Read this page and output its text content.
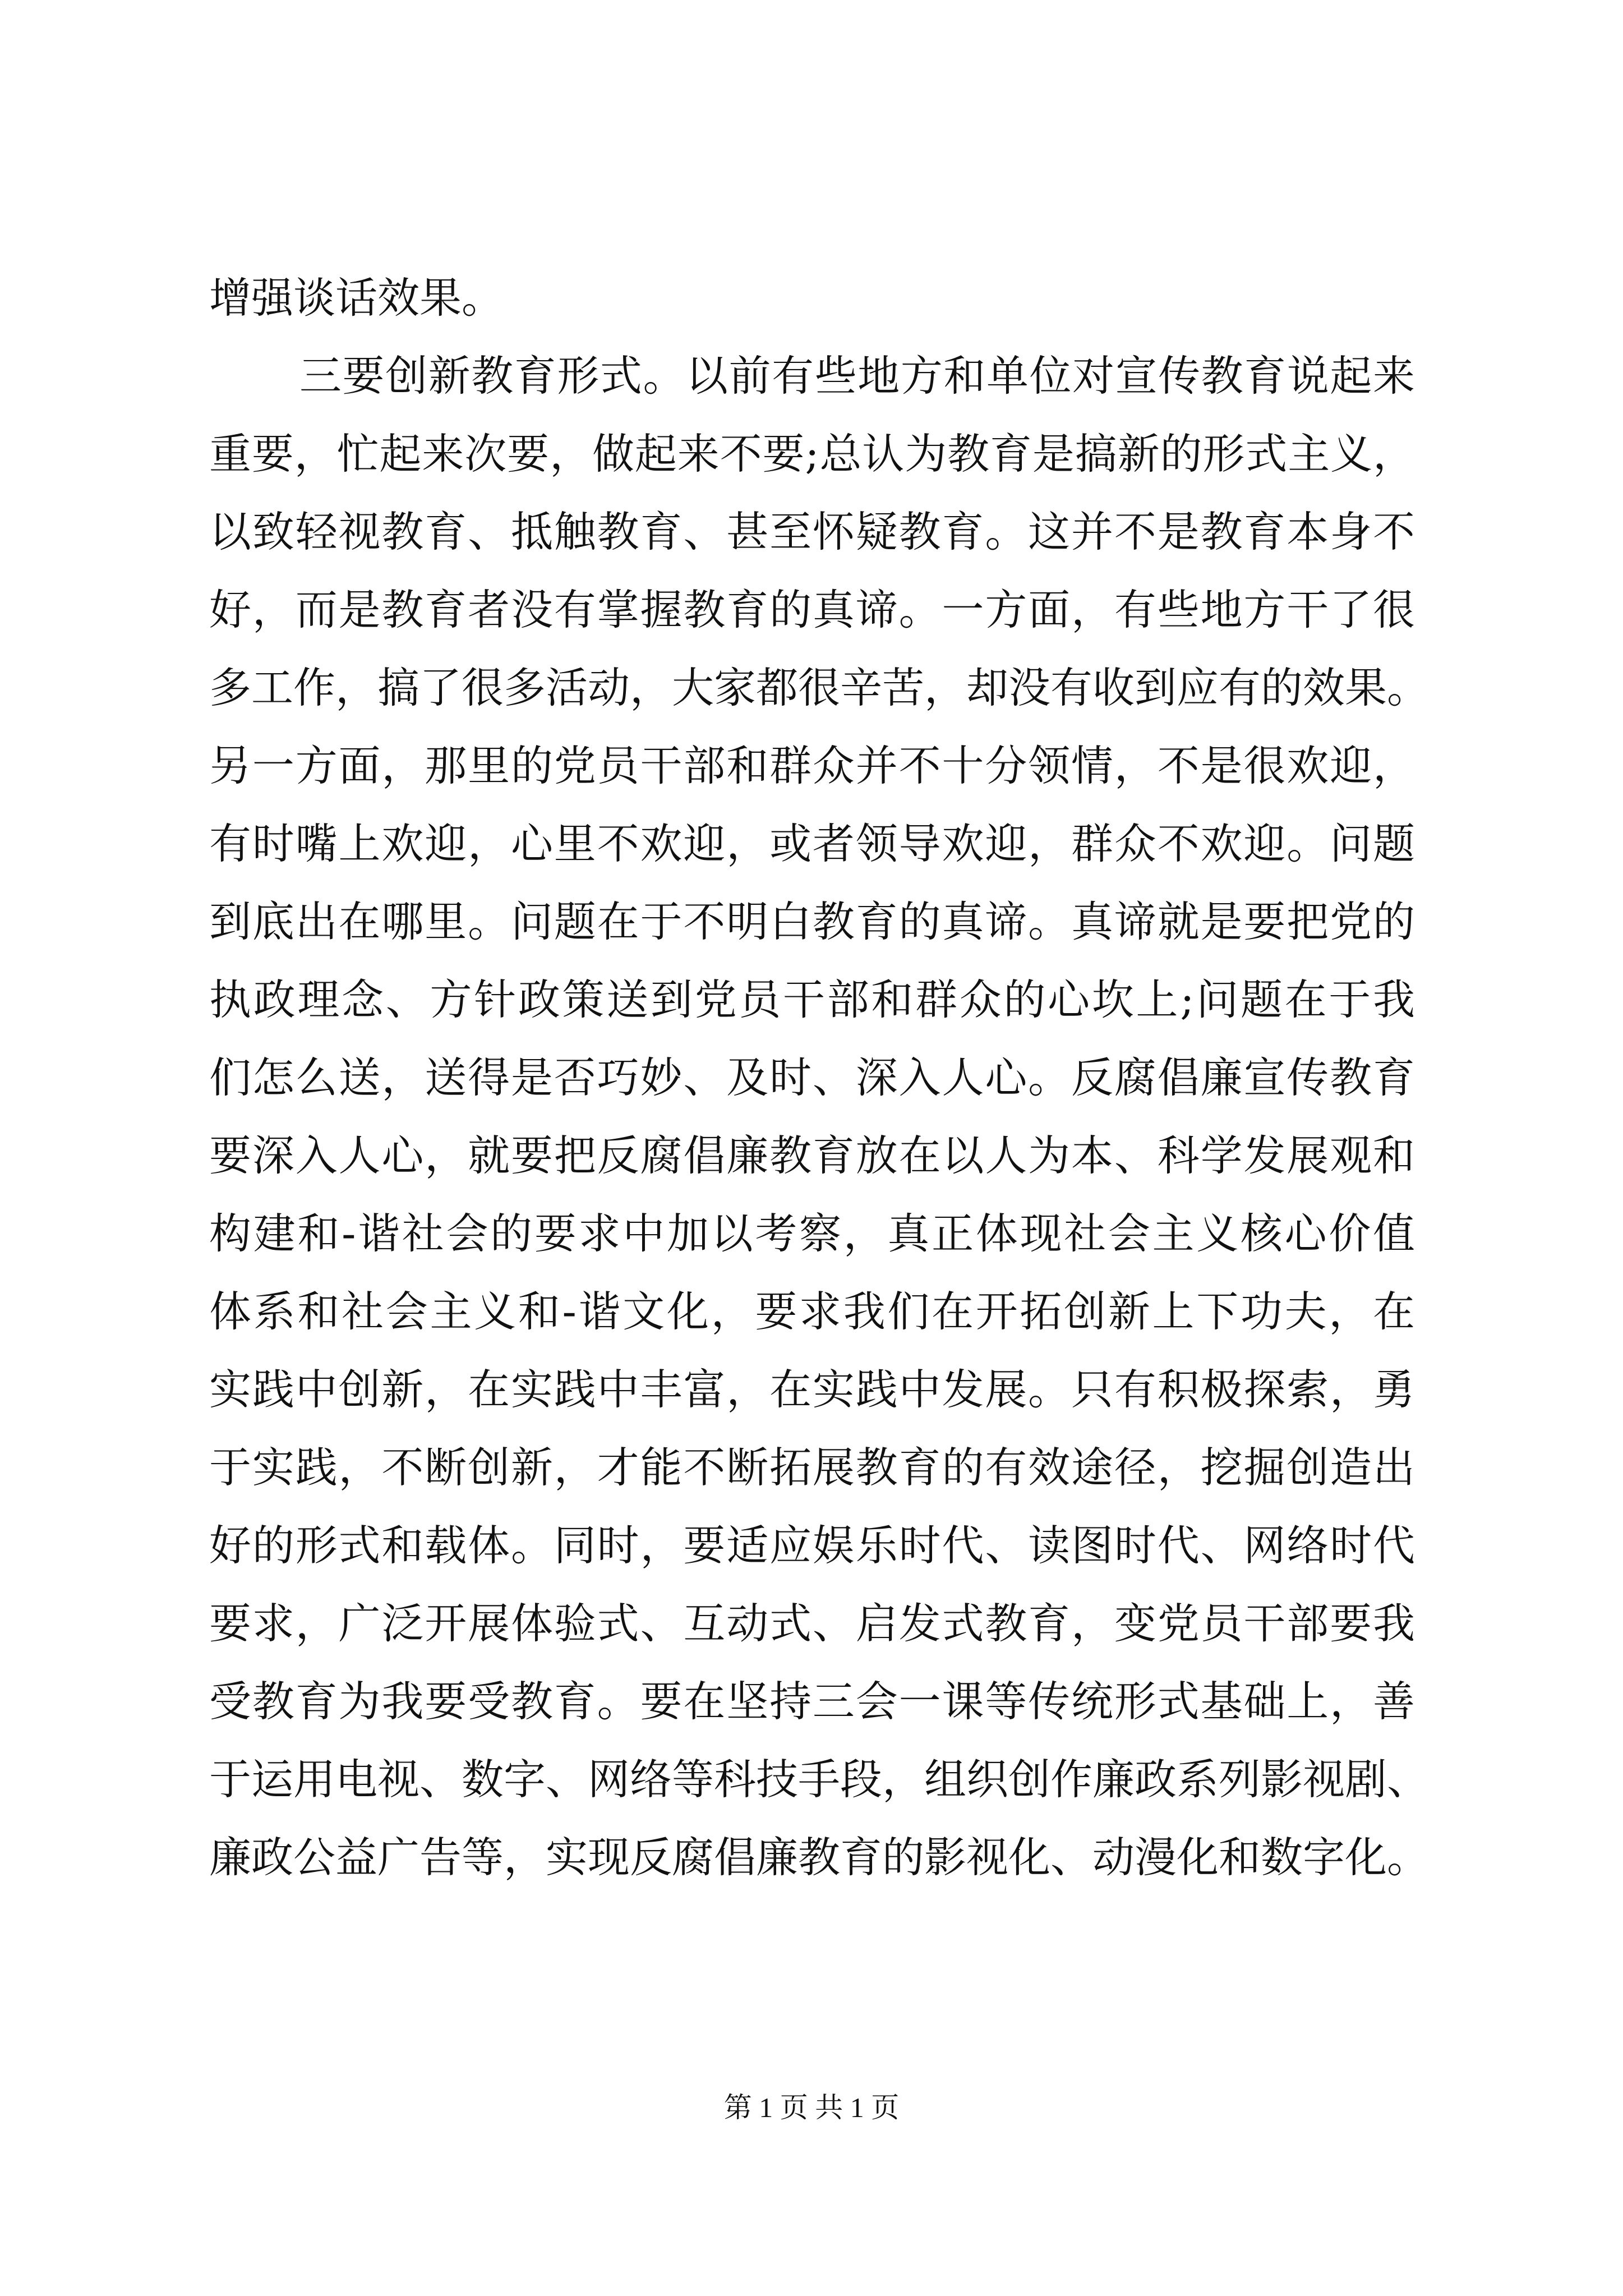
增强谈话效果。
三要创新教育形式。以前有些地方和单位对宣传教育说起来
重要，忙起来次要，做起来不要;总认为教育是搞新的形式主义，
以致轻视教育、抵触教育、甚至怀疑教育。这并不是教育本身不
好，而是教育者没有掌握教育的真谛。一方面，有些地方干了很
多工作，搞了很多活动，大家都很辛苦，却没有收到应有的效果。
另一方面，那里的党员干部和群众并不十分领情，不是很欢迎，
有时嘴上欢迎，心里不欢迎，或者领导欢迎，群众不欢迎。问题
到底出在哪里。问题在于不明白教育的真谛。真谛就是要把党的
执政理念、方针政策送到党员干部和群众的心坎上;问题在于我
们怎么送，送得是否巧妙、及时、深入人心。反腐倡廉宣传教育
要深入人心，就要把反腐倡廉教育放在以人为本、科学发展观和
构建和-谐社会的要求中加以考察，真正体现社会主义核心价值
体系和社会主义和-谐文化，要求我们在开拓创新上下功夫，在
实践中创新，在实践中丰富，在实践中发展。只有积极探索，勇
于实践，不断创新，才能不断拓展教育的有效途径，挖掘创造出
好的形式和载体。同时，要适应娱乐时代、读图时代、网络时代
要求，广泛开展体验式、互动式、启发式教育，变党员干部要我
受教育为我要受教育。要在坚持三会一课等传统形式基础上，善
于运用电视、数字、网络等科技手段，组织创作廉政系列影视剧、
廉政公益广告等，实现反腐倡廉教育的影视化、动漫化和数字化。
第 1 页 共 1 页
